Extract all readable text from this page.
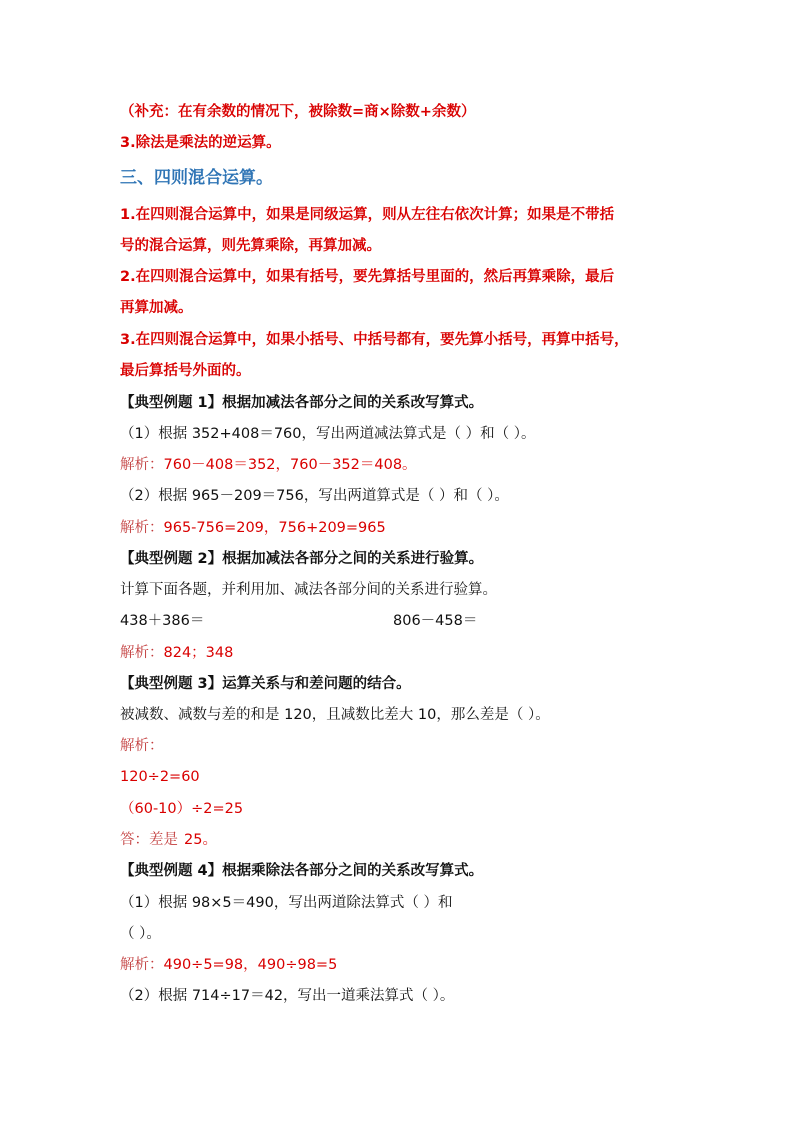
（补充：在有余数的情况下，被除数=商×除数+余数）
3.除法是乘法的逆运算。
三、四则混合运算。
1.在四则混合运算中，如果是同级运算，则从左往右依次计算；如果是不带括
号的混合运算，则先算乘除，再算加减。
2.在四则混合运算中，如果有括号，要先算括号里面的，然后再算乘除，最后
再算加减。
3.在四则混合运算中，如果小括号、中括号都有，要先算小括号，再算中括号，
最后算括号外面的。
【典型例题 1】根据加减法各部分之间的关系改写算式。
（1）根据 352+408＝760，写出两道减法算式是（ ）和（ ）。
解析：760－408＝352，760－352＝408。
（2）根据 965－209＝756，写出两道算式是（ ）和（ ）。
解析：965-756=209，756+209=965
【典型例题 2】根据加减法各部分之间的关系进行验算。
计算下面各题，并利用加、减法各部分间的关系进行验算。
438＋386＝	806－458＝
解析：824；348
【典型例题 3】运算关系与和差问题的结合。
被减数、减数与差的和是 120，且减数比差大 10，那么差是（ ）。
解析：
120÷2=60
（60-10）÷2=25
答：差是 25。
【典型例题 4】根据乘除法各部分之间的关系改写算式。
（1）根据 98×5＝490，写出两道除法算式（ ）和
（ ）。
解析：490÷5=98，490÷98=5
（2）根据 714÷17＝42，写出一道乘法算式（ ）。
